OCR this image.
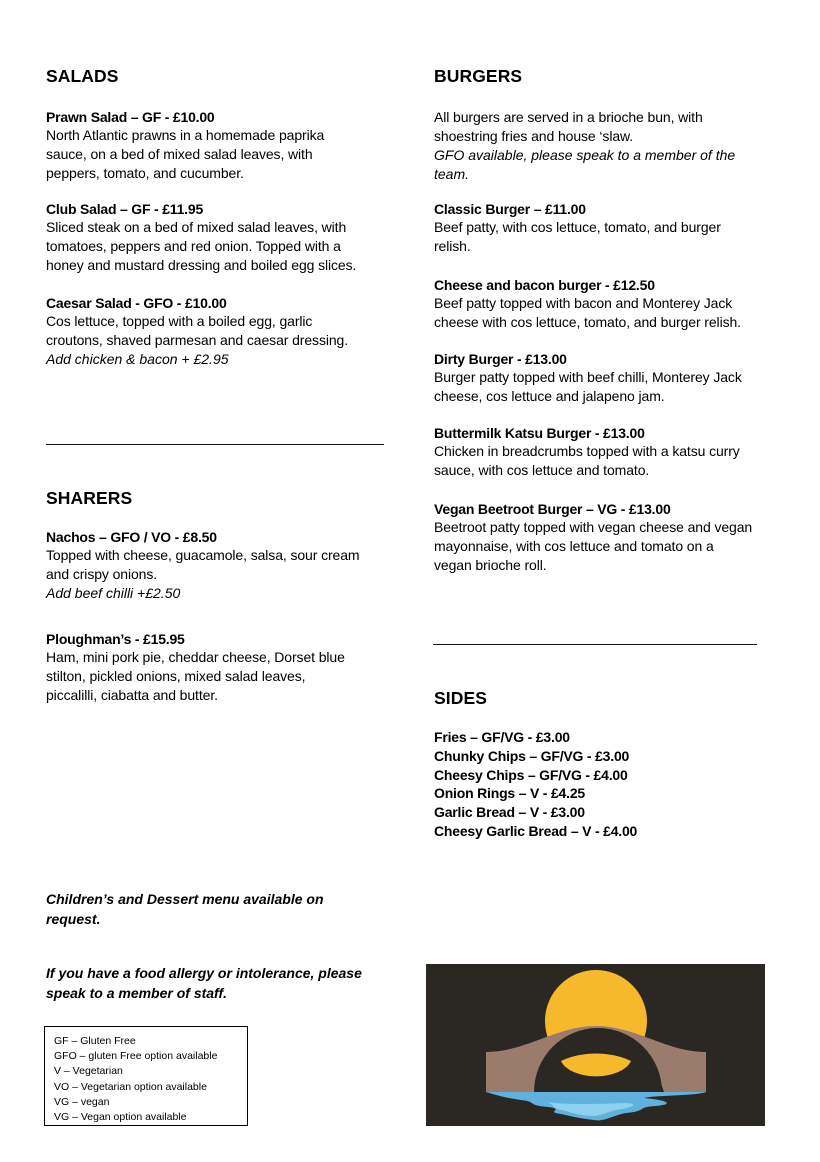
SALADS
Prawn Salad – GF - £10.00
North Atlantic prawns in a homemade paprika
sauce, on a bed of mixed salad leaves, with
peppers, tomato, and cucumber.
Club Salad – GF - £11.95
Sliced steak on a bed of mixed salad leaves, with
tomatoes, peppers and red onion. Topped with a
honey and mustard dressing and boiled egg slices.
Caesar Salad - GFO - £10.00
Cos lettuce, topped with a boiled egg, garlic
croutons, shaved parmesan and caesar dressing.
Add chicken & bacon + £2.95
SHARERS
Nachos – GFO / VO - £8.50
Topped with cheese, guacamole, salsa, sour cream
and crispy onions.
Add beef chilli +£2.50
Ploughman’s - £15.95
Ham, mini pork pie, cheddar cheese, Dorset blue
stilton, pickled onions, mixed salad leaves,
piccalilli, ciabatta and butter.
BURGERS
All burgers are served in a brioche bun, with
shoestring fries and house ‘slaw.
GFO available, please speak to a member of the
team.
Classic Burger – £11.00
Beef patty, with cos lettuce, tomato, and burger
relish.
Cheese and bacon burger - £12.50
Beef patty topped with bacon and Monterey Jack
cheese with cos lettuce, tomato, and burger relish.
Dirty Burger - £13.00
Burger patty topped with beef chilli, Monterey Jack
cheese, cos lettuce and jalapeno jam.
Buttermilk Katsu Burger - £13.00
Chicken in breadcrumbs topped with a katsu curry
sauce, with cos lettuce and tomato.
Vegan Beetroot Burger – VG - £13.00
Beetroot patty topped with vegan cheese and vegan
mayonnaise, with cos lettuce and tomato on a
vegan brioche roll.
SIDES
Fries – GF/VG - £3.00
Chunky Chips – GF/VG - £3.00
Cheesy Chips – GF/VG - £4.00
Onion Rings – V - £4.25
Garlic Bread – V - £3.00
Cheesy Garlic Bread – V - £4.00
Children’s and Dessert menu available on
request.
If you have a food allergy or intolerance, please
speak to a member of staff.
GF – Gluten Free
GFO – gluten Free option available
V – Vegetarian
VO – Vegetarian option available
VG – vegan
VG – Vegan option available
